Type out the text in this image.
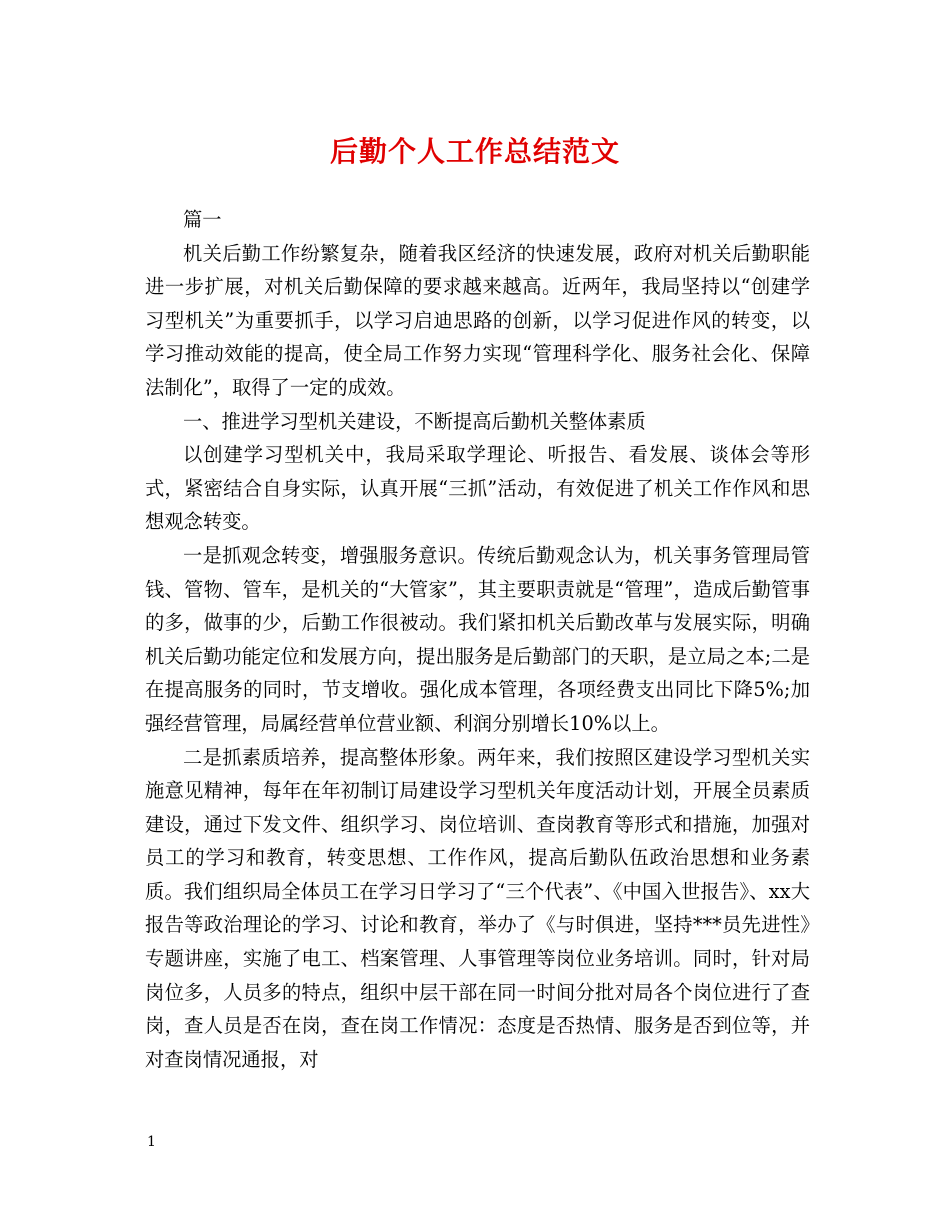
后勤个人工作总结范文

篇一

机关后勤工作纷繁复杂，随着我区经济的快速发展，政府对机关后勤职能进一步扩展，对机关后勤保障的要求越来越高。近两年，我局坚持以“创建学习型机关”为重要抓手，以学习启迪思路的创新，以学习促进作风的转变，以学习推动效能的提高，使全局工作努力实现“管理科学化、服务社会化、保障法制化”，取得了一定的成效。

一、推进学习型机关建设，不断提高后勤机关整体素质

以创建学习型机关中，我局采取学理论、听报告、看发展、谈体会等形式，紧密结合自身实际，认真开展“三抓”活动，有效促进了机关工作作风和思想观念转变。

一是抓观念转变，增强服务意识。传统后勤观念认为，机关事务管理局管钱、管物、管车，是机关的“大管家”，其主要职责就是“管理”，造成后勤管事的多，做事的少，后勤工作很被动。我们紧扣机关后勤改革与发展实际，明确机关后勤功能定位和发展方向，提出服务是后勤部门的天职，是立局之本;二是在提高服务的同时，节支增收。强化成本管理，各项经费支出同比下降5%;加强经营管理，局属经营单位营业额、利润分别增长10%以上。

二是抓素质培养，提高整体形象。两年来，我们按照区建设学习型机关实施意见精神，每年在年初制订局建设学习型机关年度活动计划，开展全员素质建设，通过下发文件、组织学习、岗位培训、查岗教育等形式和措施，加强对员工的学习和教育，转变思想、工作作风，提高后勤队伍政治思想和业务素质。我们组织局全体员工在学习日学习了“三个代表”、《中国入世报告》、xx大报告等政治理论的学习、讨论和教育，举办了《与时俱进，坚持***员先进性》专题讲座，实施了电工、档案管理、人事管理等岗位业务培训。同时，针对局岗位多，人员多的特点，组织中层干部在同一时间分批对局各个岗位进行了查岗，查人员是否在岗，查在岗工作情况：态度是否热情、服务是否到位等，并对查岗情况通报，对

1
